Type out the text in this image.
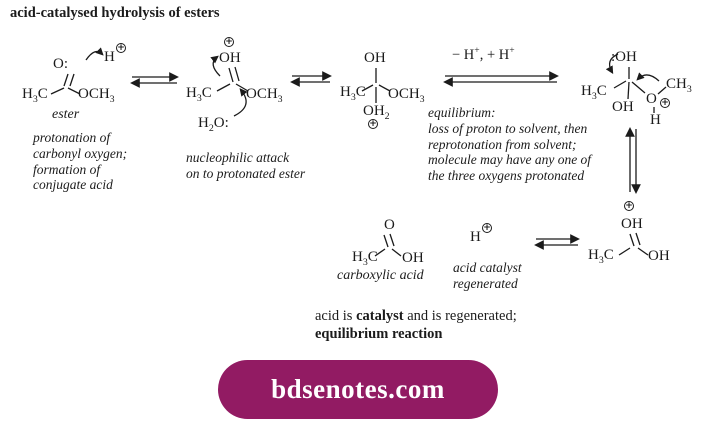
acid-catalysed hydrolysis of esters
O: H
+
$H_3C$ $OCH_3$
ester
protonation of
carbonyl oxygen;
formation of
conjugate acid
+
OH
$H_3C$ $OCH_3$
$H_2O$:
nucleophilic attack
on to protonated ester
OH
$H_3C$ $OCH_3$
$OH_2$
+
− H+, + H+
equilibrium:
loss of proton to solvent, then
reprotonation from solvent;
molecule may have any one of
the three oxygens protonated
:OH
$H_3C$
OH O +
$CH_3$
H
+
OH
$H_3C$ OH
H
+
acid catalyst
regenerated
O
$H_3C$ OH
carboxylic acid
acid is catalyst and is regenerated;
equilibrium reaction
bdsenotes.com
